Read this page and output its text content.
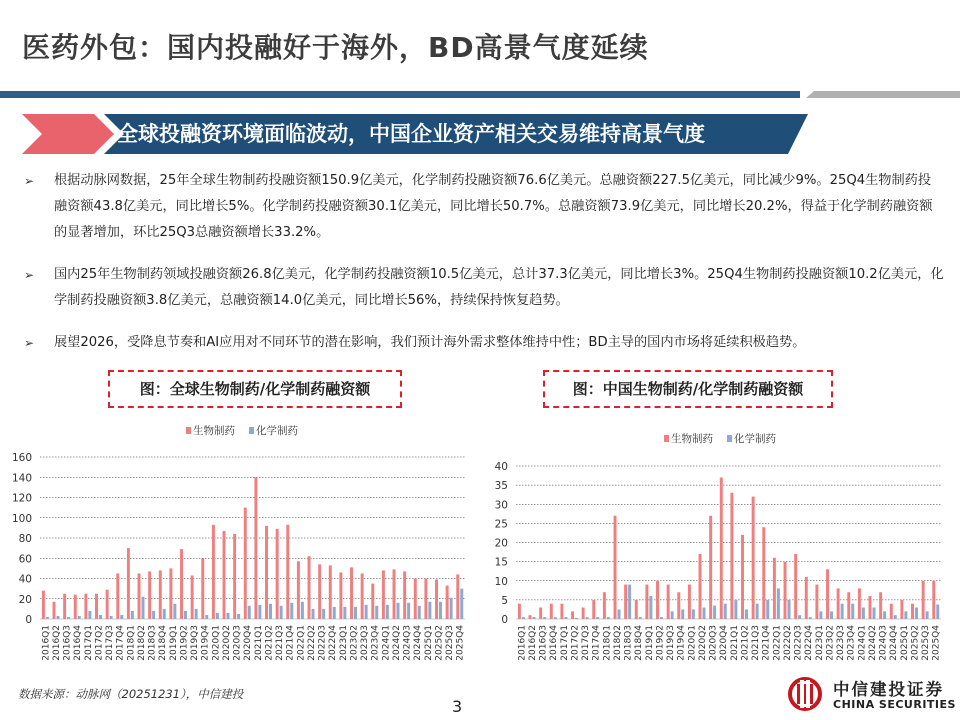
医药外包：国内投融好于海外，BD高景气度延续
全球投融资环境面临波动，中国企业资产相关交易维持高景气度
➢ 根据动脉网数据，25年全球生物制药投融资额150.9亿美元，化学制药投融资额76.6亿美元。总融资额227.5亿美元，同比减少9%。25Q4生物制药投融资额43.8亿美元，同比增长5%。化学制药投融资额30.1亿美元，同比增长50.7%。总融资额73.9亿美元，同比增长20.2%，得益于化学制药融资额的显著增加，环比25Q3总融资额增长33.2%。
➢ 国内25年生物制药领域投融资额26.8亿美元，化学制药投融资额10.5亿美元，总计37.3亿美元，同比增长3%。25Q4生物制药投融资额10.2亿美元，化学制药投融资额3.8亿美元，总融资额14.0亿美元，同比增长56%，持续保持恢复趋势。
➢ 展望2026，受降息节奏和AI应用对不同环节的潜在影响，我们预计海外需求整体维持中性；BD主导的国内市场将延续积极趋势。
图：全球生物制药/化学制药融资额	图：中国生物制药/化学制药融资额
生物制药 化学制药
0
20
40
60
80
100
120
140
160
2016Q1 2016Q2 2016Q3 2016Q4 2017Q1 2017Q2 2017Q3 2017Q4 2018Q1 2018Q2 2018Q3 2018Q4 2019Q1 2019Q2 2019Q3 2019Q4 2020Q1 2020Q2 2020Q3 2020Q4 2021Q1 2021Q2 2021Q3 2021Q4 2022Q1 2022Q2 2022Q3 2022Q4 2023Q1 2023Q2 2023Q3 2023Q4 2024Q1 2024Q2 2024Q3 2024Q4 2025Q1 2025Q2 2025Q3 2025Q4
生物制药 化学制药
0
5
10
15
20
25
30
35
40
2016Q1 2016Q2 2016Q3 2016Q4 2017Q1 2017Q2 2017Q3 2017Q4 2018Q1 2018Q2 2018Q3 2018Q4 2019Q1 2019Q2 2019Q3 2019Q4 2020Q1 2020Q2 2020Q3 2020Q4 2021Q1 2021Q2 2021Q3 2021Q4 2022Q1 2022Q2 2022Q3 2022Q4 2023Q1 2023Q2 2023Q3 2023Q4 2024Q1 2024Q2 2024Q3 2024Q4 2025Q1 2025Q2 2025Q3 2025Q4
数据来源：动脉网（20251231），中信建投
3
中信建投证券
CHINA SECURITIES
